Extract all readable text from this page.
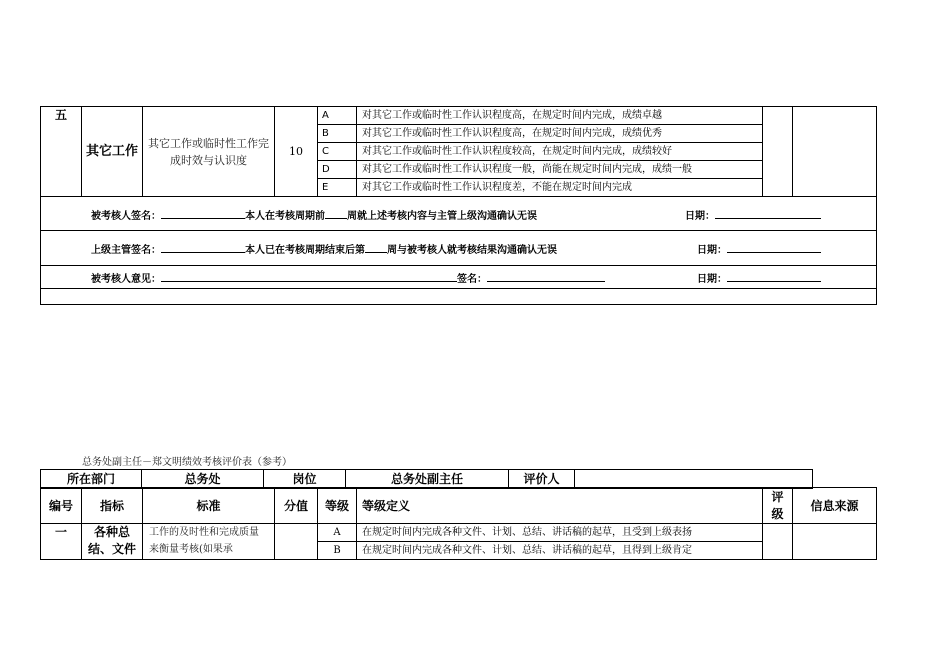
五	其它工作	其它工作或临时性工作完成时效与认识度	10	A	对其它工作或临时性工作认识程度高，在规定时间内完成，成绩卓越		
				B	对其它工作或临时性工作认识程度高，在规定时间内完成，成绩优秀		
				C	对其它工作或临时性工作认识程度较高，在规定时间内完成，成绩较好		
				D	对其它工作或临时性工作认识程度一般，尚能在规定时间内完成，成绩一般		
				E	对其它工作或临时性工作认识程度差，不能在规定时间内完成		

被考核人签名： 本人在考核周期前 周就上述考核内容与主管上级沟通确认无误 日期：							

上级主管签名： 本人已在考核周期结束后第 周与被考核人就考核结果沟通确认无误 日期：							

被考核人意见： 签名： 日期：							

总务处副主任－郑文明绩效考核评价表（参考）
所在部门	总务处	岗位	总务处副主任	评价人	
编号	指标	标准	分值	等级	等级定义	评级	信息来源
一	各种总结、文件	工作的及时性和完成质量来衡量考核(如果承		A	在规定时间内完成各种文件、计划、总结、讲话稿的起草，且受到上级表扬		
				B	在规定时间内完成各种文件、计划、总结、讲话稿的起草，且得到上级肯定		
